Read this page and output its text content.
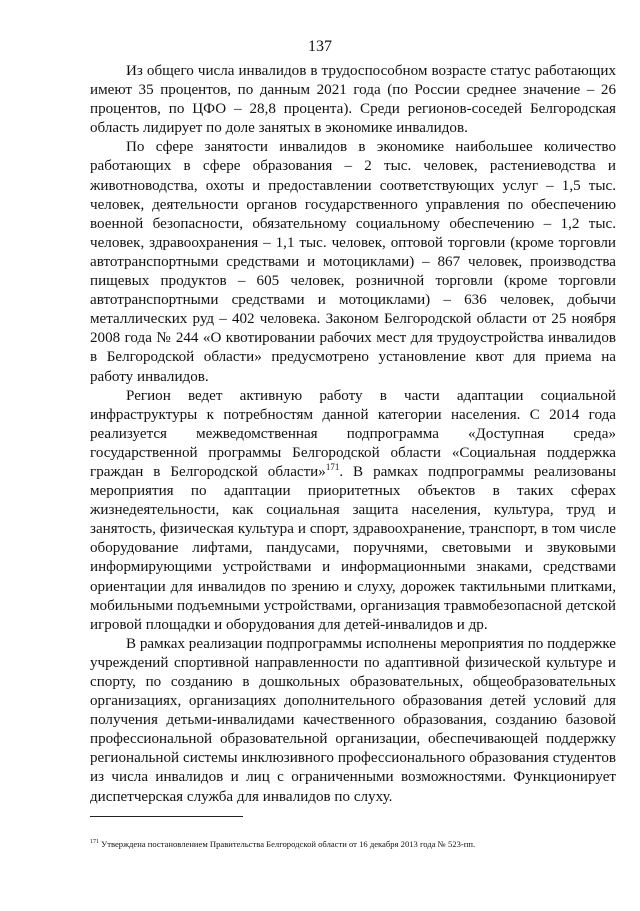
137

Из общего числа инвалидов в трудоспособном возрасте статус работающих имеют 35 процентов, по данным 2021 года (по России среднее значение – 26 процентов, по ЦФО – 28,8 процента). Среди регионов-соседей Белгородская область лидирует по доле занятых в экономике инвалидов.

По сфере занятости инвалидов в экономике наибольшее количество работающих в сфере образования – 2 тыс. человек, растениеводства и животноводства, охоты и предоставлении соответствующих услуг – 1,5 тыс. человек, деятельности органов государственного управления по обеспечению военной безопасности, обязательному социальному обеспечению – 1,2 тыс. человек, здравоохранения – 1,1 тыс. человек, оптовой торговли (кроме торговли автотранспортными средствами и мотоциклами) – 867 человек, производства пищевых продуктов – 605 человек, розничной торговли (кроме торговли автотранспортными средствами и мотоциклами) – 636 человек, добычи металлических руд – 402 человека. Законом Белгородской области от 25 ноября 2008 года № 244 «О квотировании рабочих мест для трудоустройства инвалидов в Белгородской области» предусмотрено установление квот для приема на работу инвалидов.

Регион ведет активную работу в части адаптации социальной инфраструктуры к потребностям данной категории населения. С 2014 года реализуется межведомственная подпрограмма «Доступная среда» государственной программы Белгородской области «Социальная поддержка граждан в Белгородской области»$^{171}$. В рамках подпрограммы реализованы мероприятия по адаптации приоритетных объектов в таких сферах жизнедеятельности, как социальная защита населения, культура, труд и занятость, физическая культура и спорт, здравоохранение, транспорт, в том числе оборудование лифтами, пандусами, поручнями, световыми и звуковыми информирующими устройствами и информационными знаками, средствами ориентации для инвалидов по зрению и слуху, дорожек тактильными плитками, мобильными подъемными устройствами, организация травмобезопасной детской игровой площадки и оборудования для детей-инвалидов и др.

В рамках реализации подпрограммы исполнены мероприятия по поддержке учреждений спортивной направленности по адаптивной физической культуре и спорту, по созданию в дошкольных образовательных, общеобразовательных организациях, организациях дополнительного образования детей условий для получения детьми-инвалидами качественного образования, созданию базовой профессиональной образовательной организации, обеспечивающей поддержку региональной системы инклюзивного профессионального образования студентов из числа инвалидов и лиц с ограниченными возможностями. Функционирует диспетчерская служба для инвалидов по слуху.

$^{171}$ Утверждена постановлением Правительства Белгородской области от 16 декабря 2013 года № 523-пп.
